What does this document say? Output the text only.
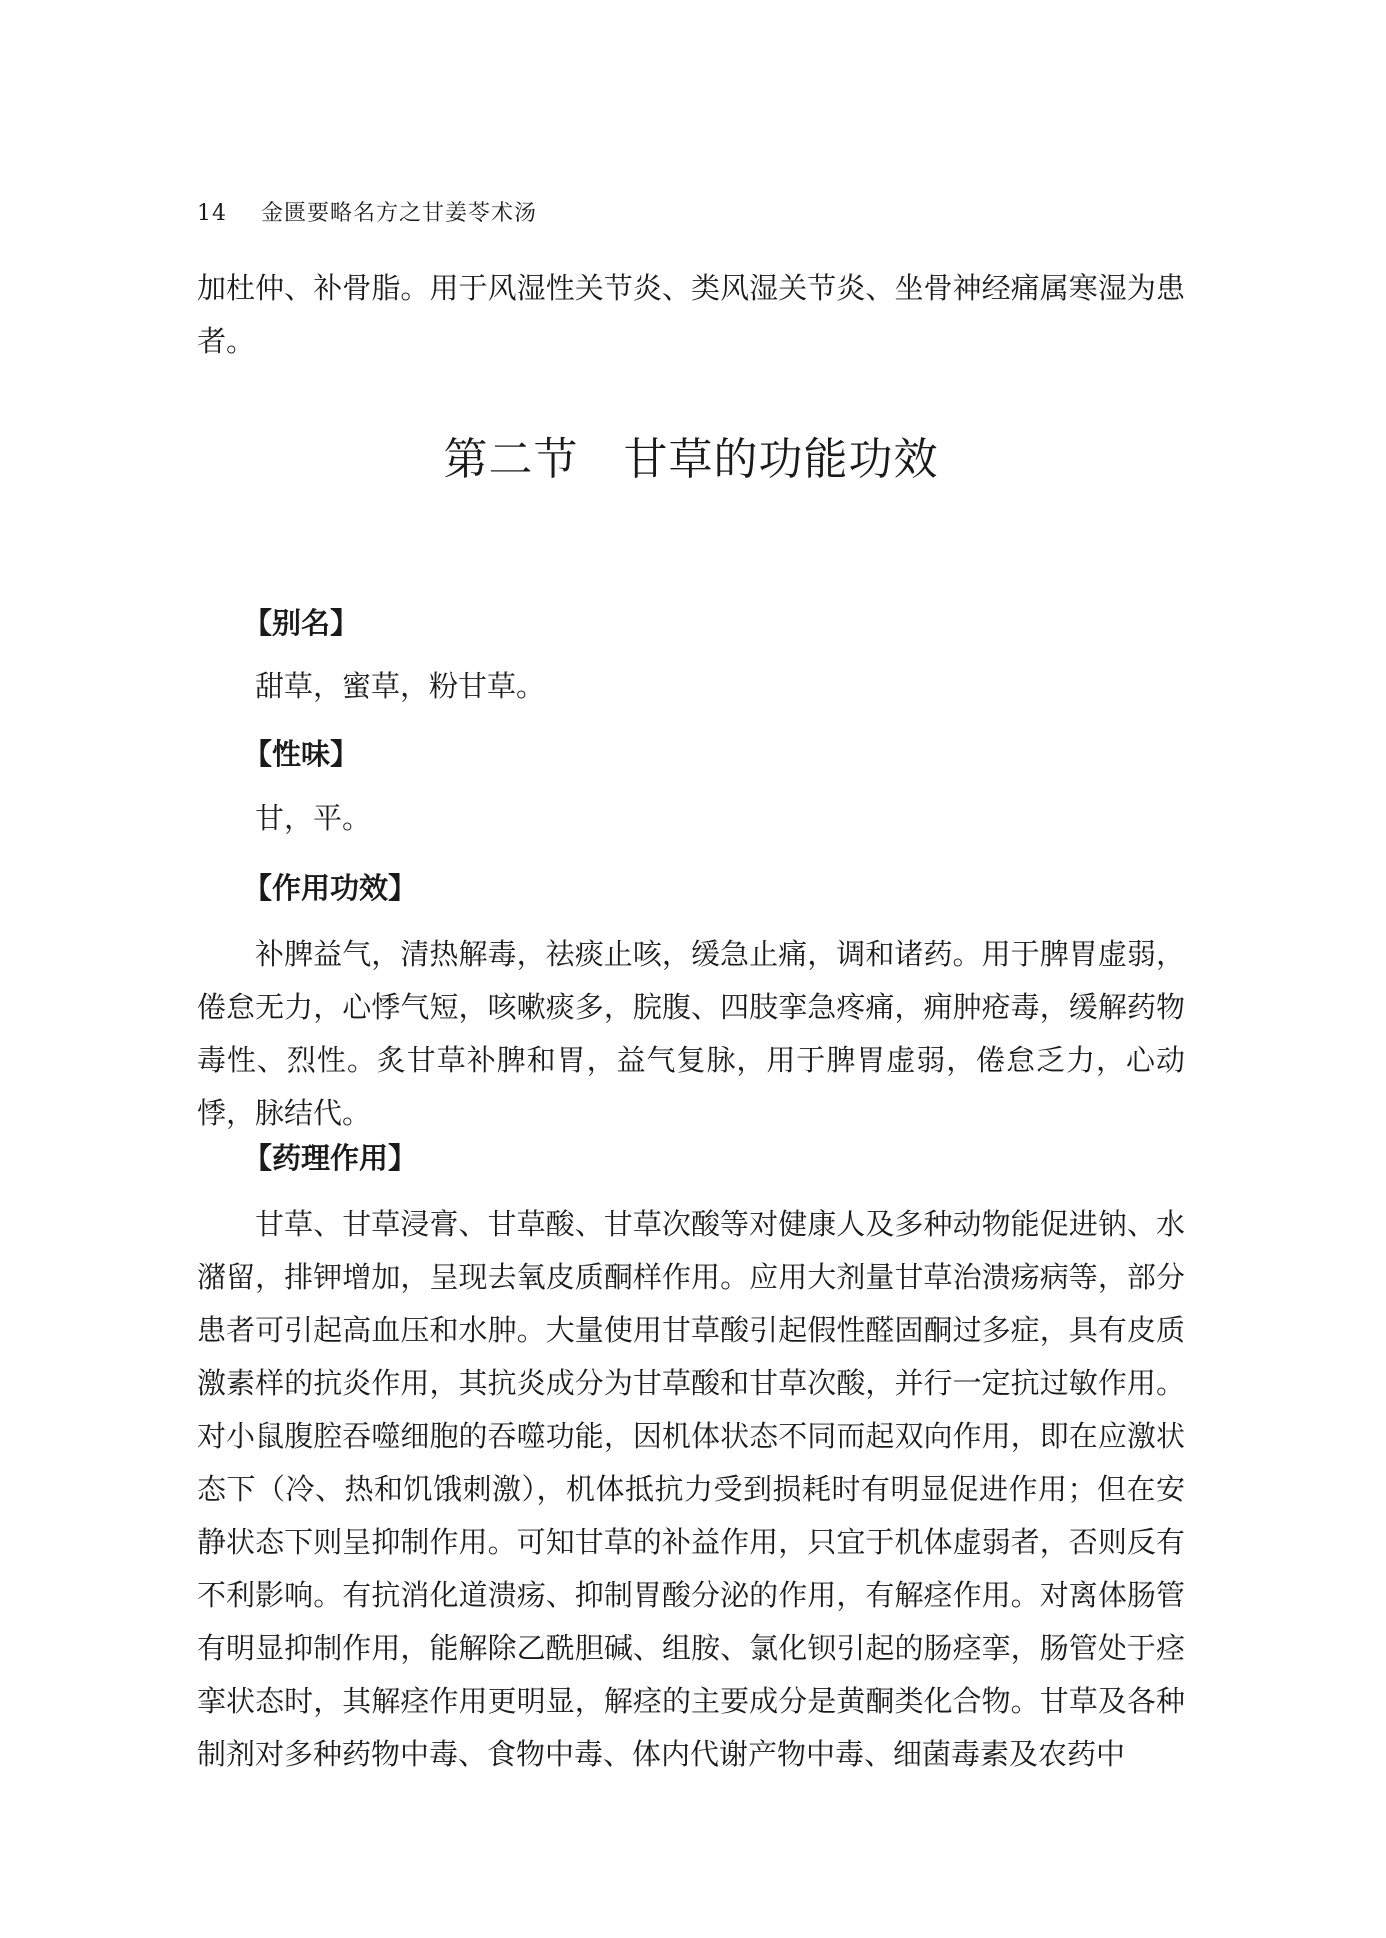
14 金匮要略名方之甘姜苓术汤
加杜仲、补骨脂。用于风湿性关节炎、类风湿关节炎、坐骨神经痛属寒湿为患者。
第二节　甘草的功能功效
【别名】
甜草，蜜草，粉甘草。
【性味】
甘，平。
【作用功效】
补脾益气，清热解毒，祛痰止咳，缓急止痛，调和诸药。用于脾胃虚弱，倦怠无力，心悸气短，咳嗽痰多，脘腹、四肢挛急疼痛，痈肿疮毒，缓解药物毒性、烈性。炙甘草补脾和胃，益气复脉，用于脾胃虚弱，倦怠乏力，心动悸，脉结代。
【药理作用】
甘草、甘草浸膏、甘草酸、甘草次酸等对健康人及多种动物能促进钠、水潴留，排钾增加，呈现去氧皮质酮样作用。应用大剂量甘草治溃疡病等，部分患者可引起高血压和水肿。大量使用甘草酸引起假性醛固酮过多症，具有皮质激素样的抗炎作用，其抗炎成分为甘草酸和甘草次酸，并行一定抗过敏作用。对小鼠腹腔吞噬细胞的吞噬功能，因机体状态不同而起双向作用，即在应激状态下（冷、热和饥饿刺激），机体抵抗力受到损耗时有明显促进作用；但在安静状态下则呈抑制作用。可知甘草的补益作用，只宜于机体虚弱者，否则反有不利影响。有抗消化道溃疡、抑制胃酸分泌的作用，有解痉作用。对离体肠管有明显抑制作用，能解除乙酰胆碱、组胺、氯化钡引起的肠痉挛，肠管处于痉挛状态时，其解痉作用更明显，解痉的主要成分是黄酮类化合物。甘草及各种制剂对多种药物中毒、食物中毒、体内代谢产物中毒、细菌毒素及农药中
